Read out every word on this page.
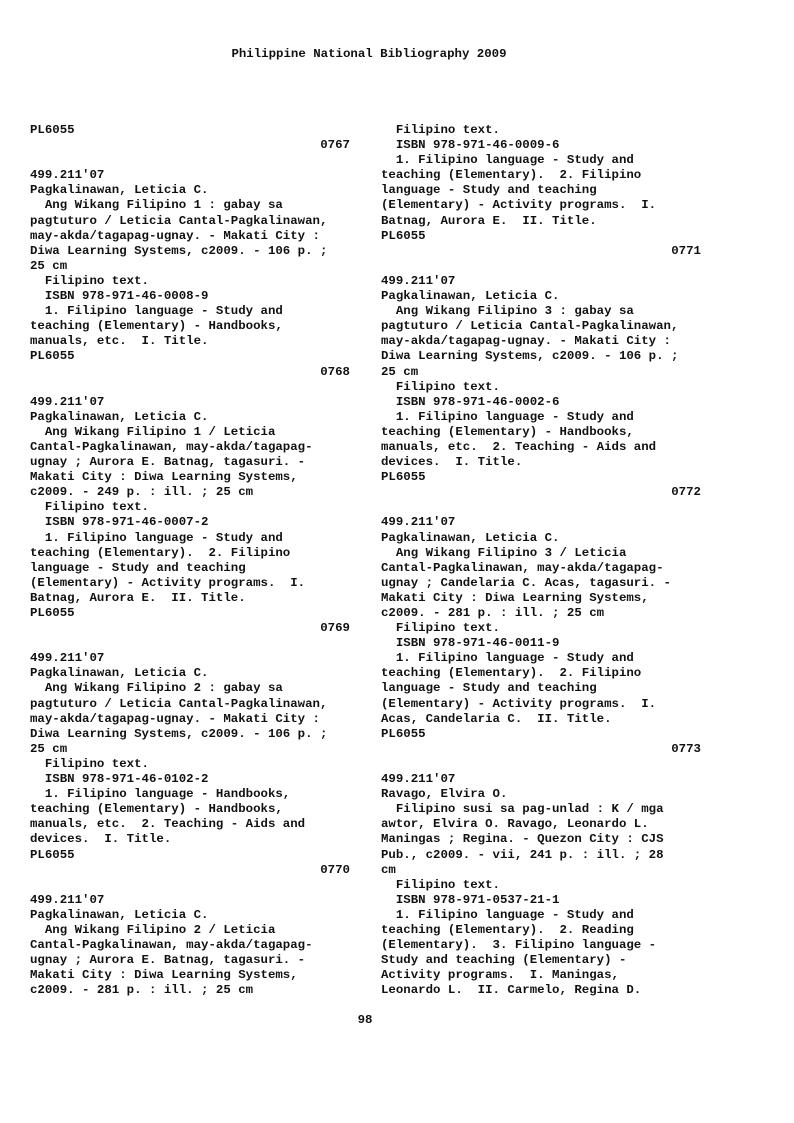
Philippine National Bibliography 2009
PL6055
0767
499.211'07
Pagkalinawan, Leticia C.
Ang Wikang Filipino 1 : gabay sa
pagtuturo / Leticia Cantal-Pagkalinawan,
may-akda/tagapag-ugnay. - Makati City :
Diwa Learning Systems, c2009. - 106 p. ;
25 cm
Filipino text.
ISBN 978-971-46-0008-9
1. Filipino language - Study and
teaching (Elementary) - Handbooks,
manuals, etc.  I. Title.
PL6055
0768
499.211'07
Pagkalinawan, Leticia C.
Ang Wikang Filipino 1 / Leticia
Cantal-Pagkalinawan, may-akda/tagapag-
ugnay ; Aurora E. Batnag, tagasuri. -
Makati City : Diwa Learning Systems,
c2009. - 249 p. : ill. ; 25 cm
Filipino text.
ISBN 978-971-46-0007-2
1. Filipino language - Study and
teaching (Elementary).  2. Filipino
language - Study and teaching
(Elementary) - Activity programs.  I.
Batnag, Aurora E.  II. Title.
PL6055
0769
499.211'07
Pagkalinawan, Leticia C.
Ang Wikang Filipino 2 : gabay sa
pagtuturo / Leticia Cantal-Pagkalinawan,
may-akda/tagapag-ugnay. - Makati City :
Diwa Learning Systems, c2009. - 106 p. ;
25 cm
Filipino text.
ISBN 978-971-46-0102-2
1. Filipino language - Handbooks,
teaching (Elementary) - Handbooks,
manuals, etc.  2. Teaching - Aids and
devices.  I. Title.
PL6055
0770
499.211'07
Pagkalinawan, Leticia C.
Ang Wikang Filipino 2 / Leticia
Cantal-Pagkalinawan, may-akda/tagapag-
ugnay ; Aurora E. Batnag, tagasuri. -
Makati City : Diwa Learning Systems,
c2009. - 281 p. : ill. ; 25 cm
Filipino text.
ISBN 978-971-46-0009-6
1. Filipino language - Study and
teaching (Elementary).  2. Filipino
language - Study and teaching
(Elementary) - Activity programs.  I.
Batnag, Aurora E.  II. Title.
PL6055
0771
499.211'07
Pagkalinawan, Leticia C.
Ang Wikang Filipino 3 : gabay sa
pagtuturo / Leticia Cantal-Pagkalinawan,
may-akda/tagapag-ugnay. - Makati City :
Diwa Learning Systems, c2009. - 106 p. ;
25 cm
Filipino text.
ISBN 978-971-46-0002-6
1. Filipino language - Study and
teaching (Elementary) - Handbooks,
manuals, etc.  2. Teaching - Aids and
devices.  I. Title.
PL6055
0772
499.211'07
Pagkalinawan, Leticia C.
Ang Wikang Filipino 3 / Leticia
Cantal-Pagkalinawan, may-akda/tagapag-
ugnay ; Candelaria C. Acas, tagasuri. -
Makati City : Diwa Learning Systems,
c2009. - 281 p. : ill. ; 25 cm
Filipino text.
ISBN 978-971-46-0011-9
1. Filipino language - Study and
teaching (Elementary).  2. Filipino
language - Study and teaching
(Elementary) - Activity programs.  I.
Acas, Candelaria C.  II. Title.
PL6055
0773
499.211'07
Ravago, Elvira O.
Filipino susi sa pag-unlad : K / mga
awtor, Elvira O. Ravago, Leonardo L.
Maningas ; Regina. - Quezon City : CJS
Pub., c2009. - vii, 241 p. : ill. ; 28
cm
Filipino text.
ISBN 978-971-0537-21-1
1. Filipino language - Study and
teaching (Elementary).  2. Reading
(Elementary).  3. Filipino language -
Study and teaching (Elementary) -
Activity programs.  I. Maningas,
Leonardo L.  II. Carmelo, Regina D.
98
